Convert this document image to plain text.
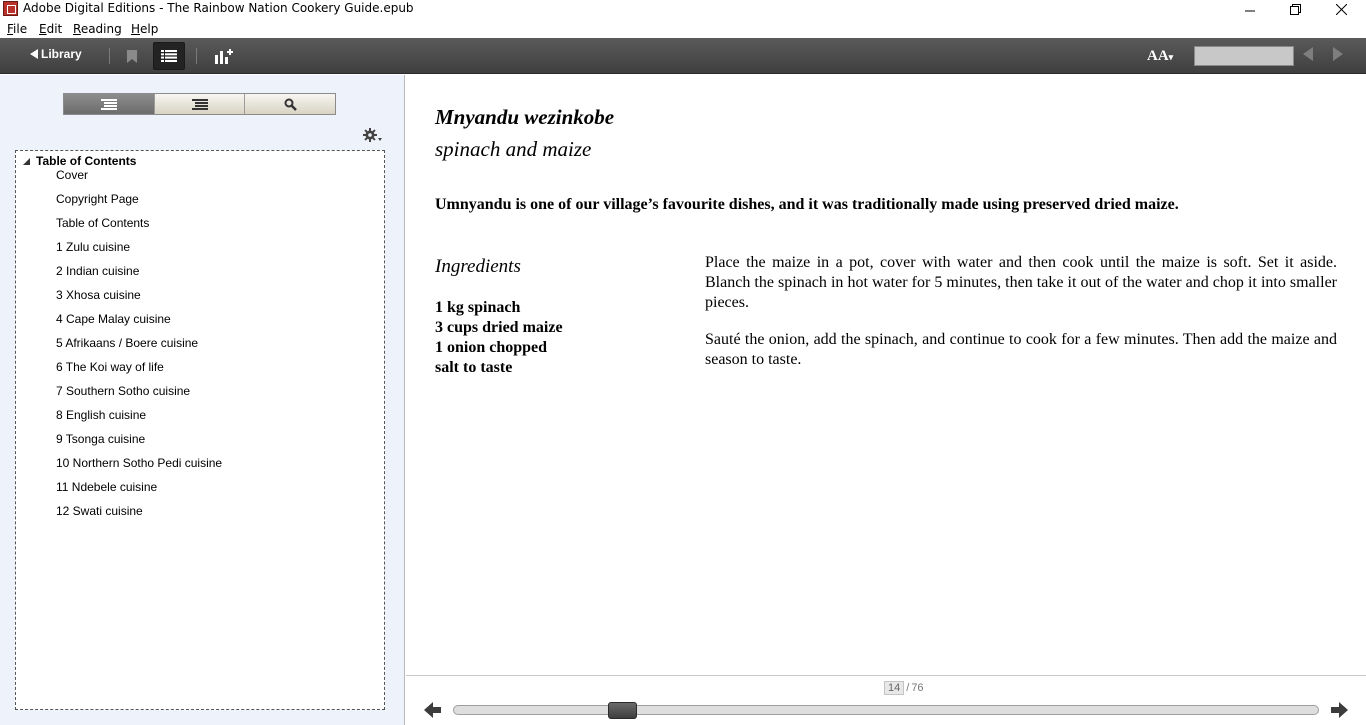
Adobe Digital Editions - The Rainbow Nation Cookery Guide.epub
File Edit Reading Help
Library	AA▾
Table of Contents
Cover
Copyright Page
Table of Contents
1 Zulu cuisine
2 Indian cuisine
3 Xhosa cuisine
4 Cape Malay cuisine
5 Afrikaans / Boere cuisine
6 The Koi way of life
7 Southern Sotho cuisine
8 English cuisine
9 Tsonga cuisine
10 Northern Sotho Pedi cuisine
11 Ndebele cuisine
12 Swati cuisine
Mnyandu wezinkobe
spinach and maize
Umnyandu is one of our village’s favourite dishes, and it was traditionally made using preserved dried maize.
Ingredients
1 kg spinach
3 cups dried maize
1 onion chopped
salt to taste

Place the maize in a pot, cover with water and then cook until the maize is soft. Set it aside. Blanch the spinach in hot water for 5 minutes, then take it out of the water and chop it into smaller pieces.

Sauté the onion, add the spinach, and continue to cook for a few minutes. Then add the maize and season to taste.

14 / 76
